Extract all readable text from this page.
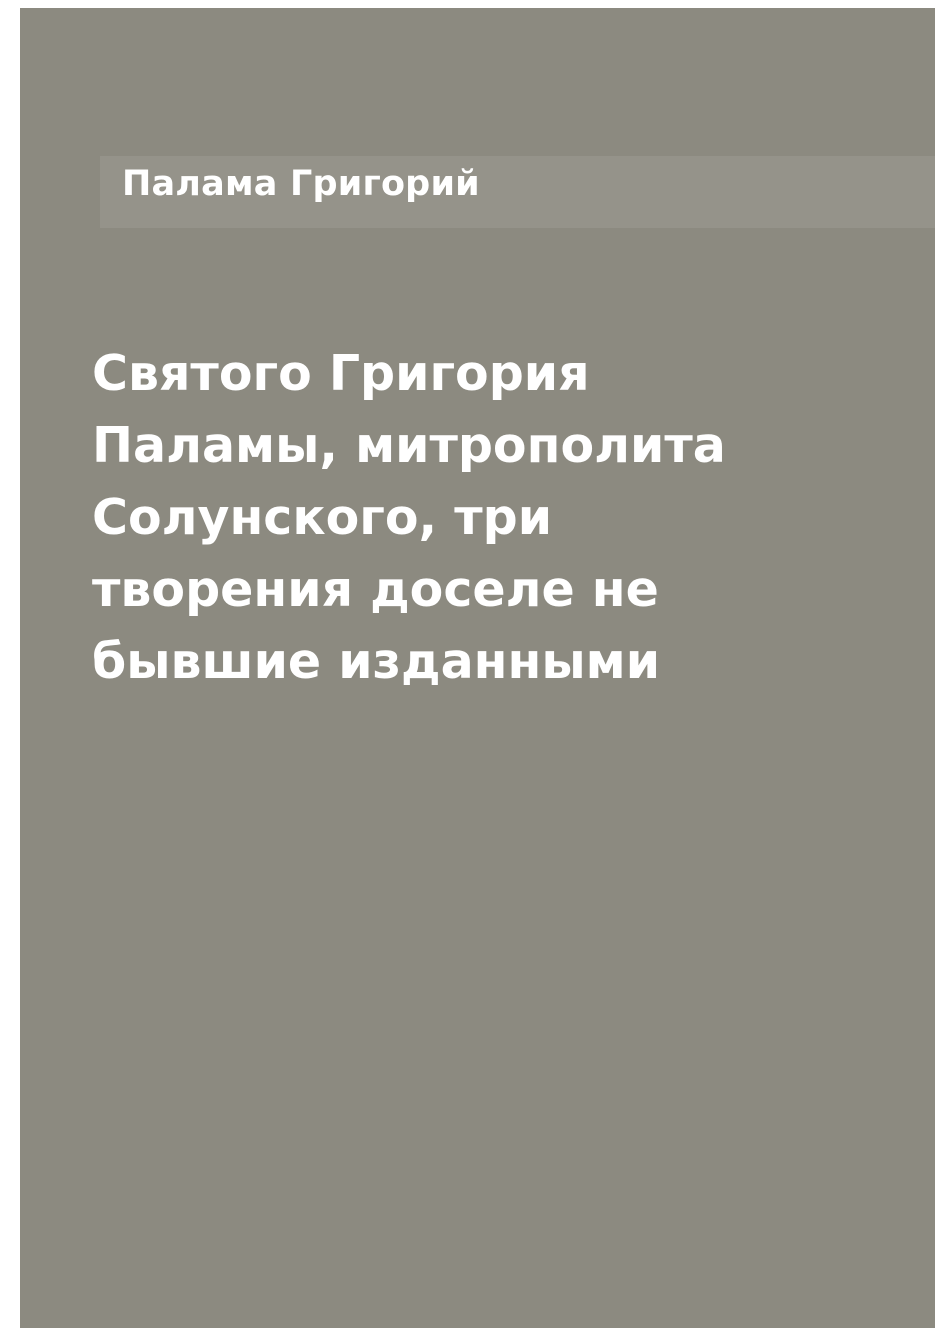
Палама Григорий
Святого Григория Паламы, митрополита Солунского, три творения доселе не бывшие изданными
